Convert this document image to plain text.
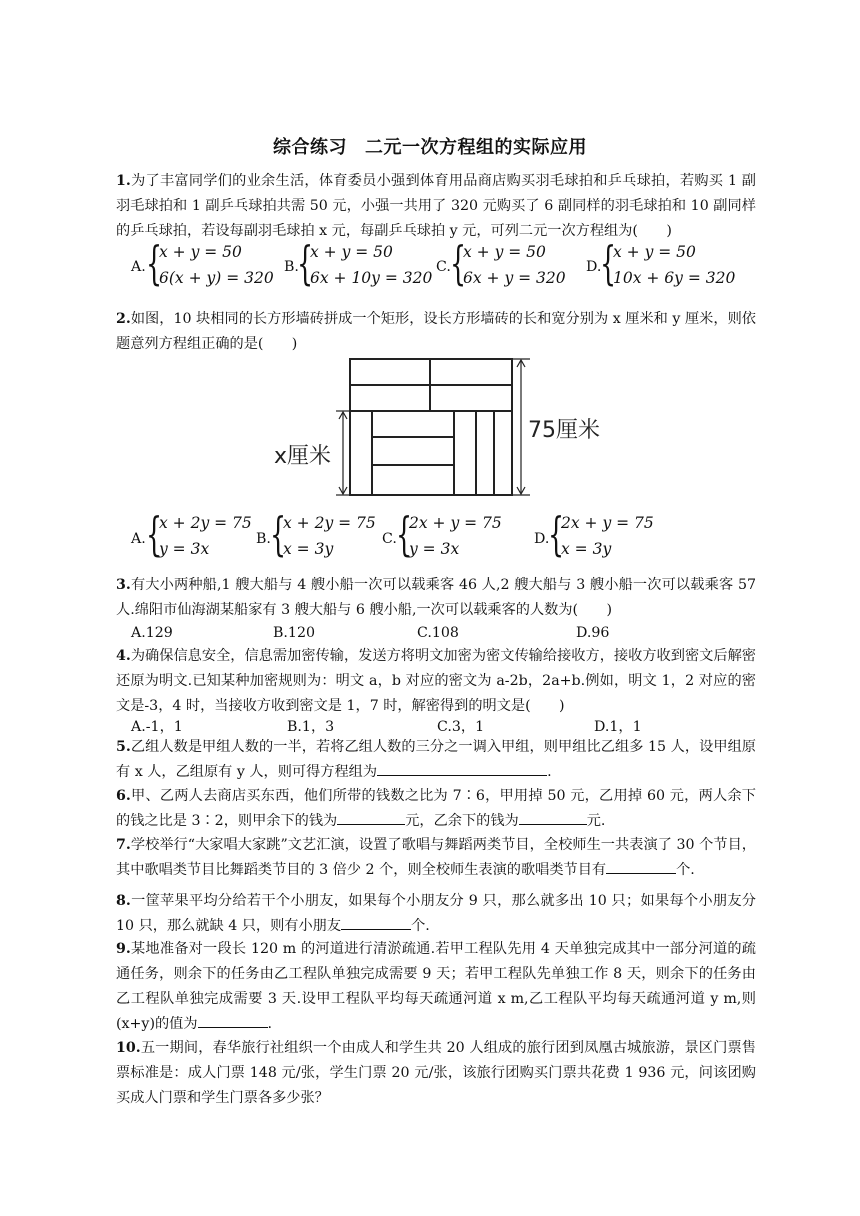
综合练习 二元一次方程组的实际应用
1.为了丰富同学们的业余生活，体育委员小强到体育用品商店购买羽毛球拍和乒乓球拍，若购买 1 副羽毛球拍和 1 副乒乓球拍共需 50 元，小强一共用了 320 元购买了 6 副同样的羽毛球拍和 10 副同样的乒乓球拍，若设每副羽毛球拍 x 元，每副乒乓球拍 y 元，可列二元一次方程组为(　　)
A. {
x + y = 50
6(x + y) = 320
B.
{
x + y = 50
6x + 10y = 320
C. {
x + y = 50
6x + y = 320
D.
{
x + y = 50
10x + 6y = 320
2.如图，10 块相同的长方形墙砖拼成一个矩形，设长方形墙砖的长和宽分别为 x 厘米和 y 厘米，则依题意列方程组正确的是(　　)
75厘米
x厘米
A. {
x + 2y = 75
y = 3x
B. {
x + 2y = 75
x = 3y
C. {
2x + y = 75
y = 3x
D.
{
2x + y = 75
x = 3y
3.有大小两种船,1 艘大船与 4 艘小船一次可以载乘客 46 人,2 艘大船与 3 艘小船一次可以载乘客 57 人.绵阳市仙海湖某船家有 3 艘大船与 6 艘小船,一次可以载乘客的人数为(　　)
A.129	B.120	C.108	D.96
4.为确保信息安全，信息需加密传输，发送方将明文加密为密文传输给接收方，接收方收到密文后解密还原为明文.已知某种加密规则为：明文 a，b 对应的密文为 a-2b，2a+b.例如，明文 1，2 对应的密文是-3，4 时，当接收方收到密文是 1，7 时，解密得到的明文是(　　)
A.-1，1	B.1，3	C.3，1	D.1，1
5.乙组人数是甲组人数的一半，若将乙组人数的三分之一调入甲组，则甲组比乙组多 15 人，设甲组原有 x 人，乙组原有 y 人，则可得方程组为	.
6.甲、乙两人去商店买东西，他们所带的钱数之比为 7∶6，甲用掉 50 元，乙用掉 60 元，两人余下的钱之比是 3∶2，则甲余下的钱为	元，乙余下的钱为	元.
7.学校举行“大家唱大家跳”文艺汇演，设置了歌唱与舞蹈两类节目，全校师生一共表演了 30 个节目，其中歌唱类节目比舞蹈类节目的 3 倍少 2 个，则全校师生表演的歌唱类节目有	个.
8.一筐苹果平均分给若干个小朋友，如果每个小朋友分 9 只，那么就多出 10 只；如果每个小朋友分 10 只，那么就缺 4 只，则有小朋友	个.
9.某地准备对一段长 120 m 的河道进行清淤疏通.若甲工程队先用 4 天单独完成其中一部分河道的疏通任务，则余下的任务由乙工程队单独完成需要 9 天；若甲工程队先单独工作 8 天，则余下的任务由乙工程队单独完成需要 3 天.设甲工程队平均每天疏通河道 x m,乙工程队平均每天疏通河道 y m,则(x+y)的值为	.
10.五一期间，春华旅行社组织一个由成人和学生共 20 人组成的旅行团到凤凰古城旅游，景区门票售票标准是：成人门票 148 元/张，学生门票 20 元/张，该旅行团购买门票共花费 1 936 元，问该团购买成人门票和学生门票各多少张？
